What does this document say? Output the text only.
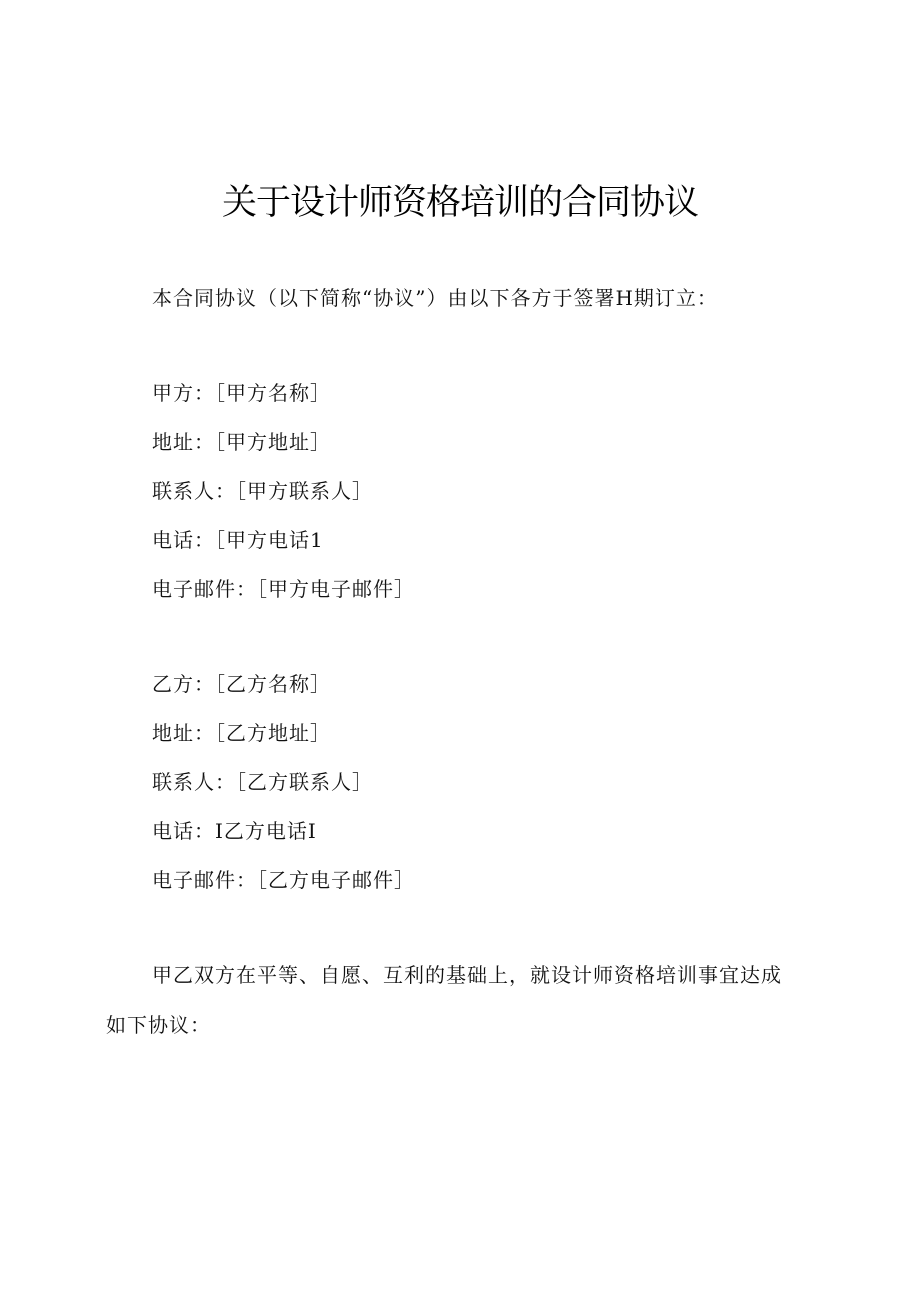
关于设计师资格培训的合同协议
本合同协议（以下简称“协议”）由以下各方于签署H期订立：
甲方：［甲方名称］
地址：［甲方地址］
联系人：［甲方联系人］
电话：［甲方电话1
电子邮件：［甲方电子邮件］
乙方：［乙方名称］
地址：［乙方地址］
联系人：［乙方联系人］
电话：I乙方电话I
电子邮件：［乙方电子邮件］
甲乙双方在平等、自愿、互利的基础上，就设计师资格培训事宜达成
如下协议：
